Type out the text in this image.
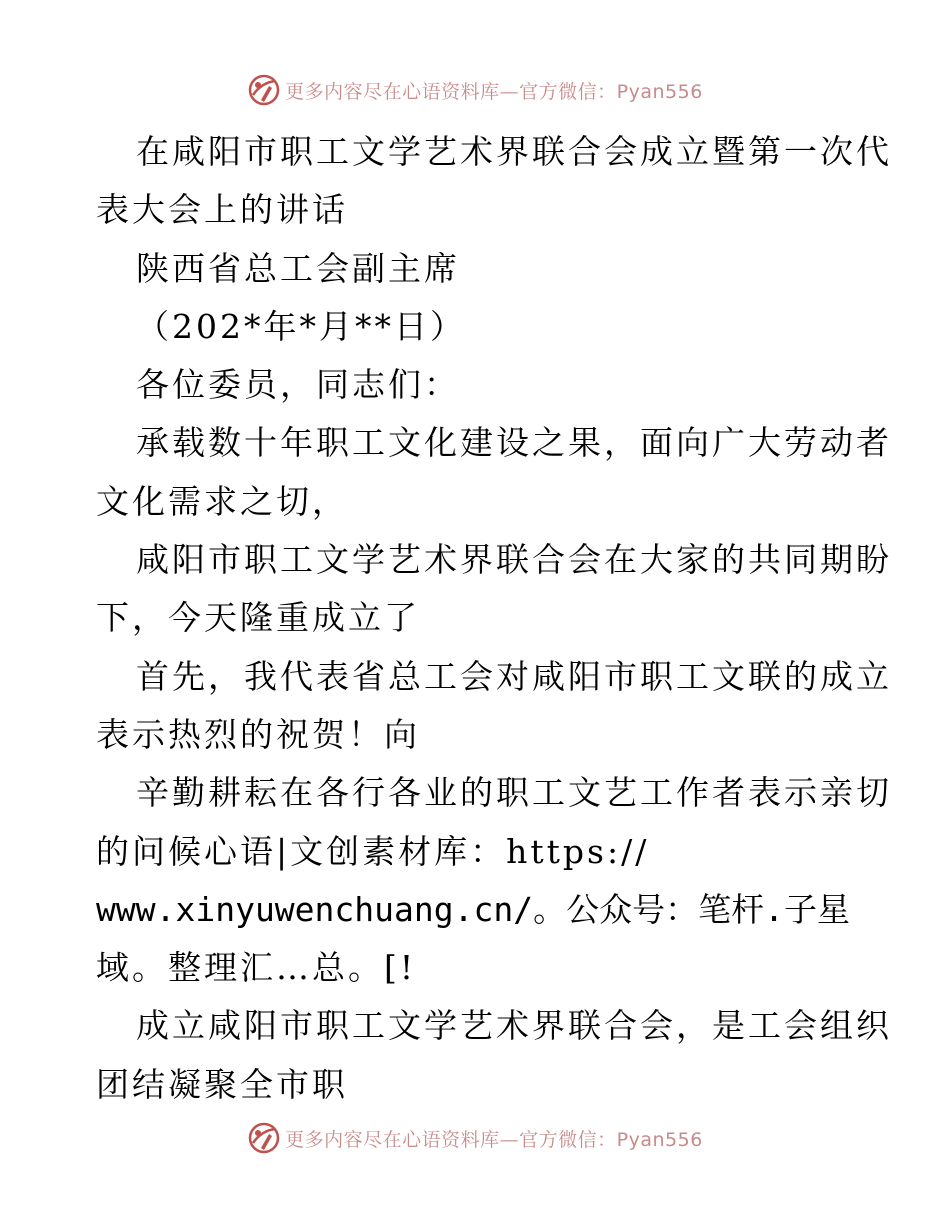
更多内容尽在心语资料库—官方微信：Pyan556
在咸阳市职工文学艺术界联合会成立暨第一次代
表大会上的讲话
陕西省总工会副主席
（202*年*月**日）
各位委员，同志们：
承载数十年职工文化建设之果，面向广大劳动者
文化需求之切，
咸阳市职工文学艺术界联合会在大家的共同期盼
下，今天隆重成立了
首先，我代表省总工会对咸阳市职工文联的成立
表示热烈的祝贺！向
辛勤耕耘在各行各业的职工文艺工作者表示亲切
的问候心语|文创素材库：https://
www.xinyuwenchuang.cn/。公众号：笔杆.子星
域。整理汇…总。[!
成立咸阳市职工文学艺术界联合会，是工会组织
团结凝聚全市职
更多内容尽在心语资料库—官方微信：Pyan556
